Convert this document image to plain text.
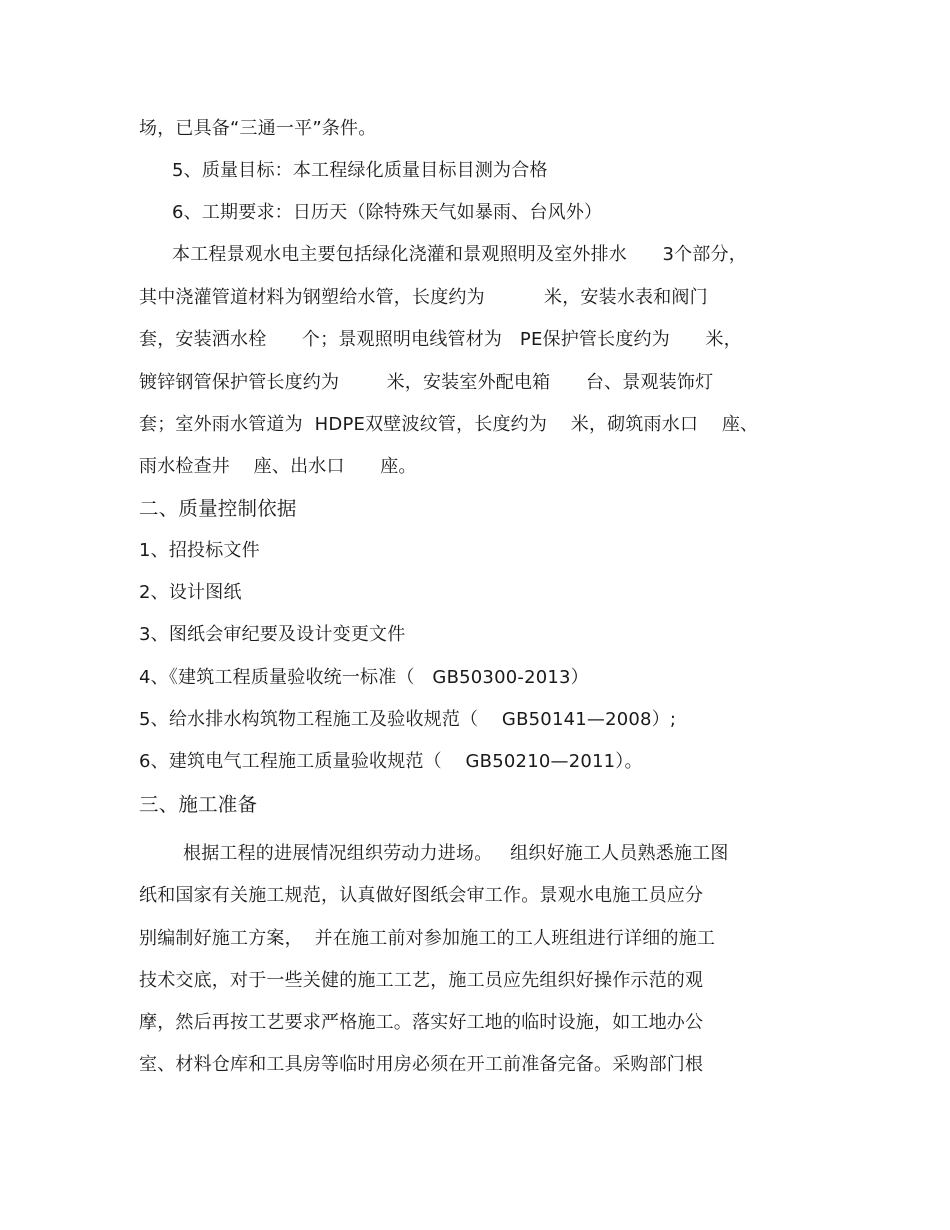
场，已具备“三通一平”条件。
5、质量目标：本工程绿化质量目标目测为合格
6、工期要求：日历天（除特殊天气如暴雨、台风外）
本工程景观水电主要包括绿化浇灌和景观照明及室外排水      3个部分，
其中浇灌管道材料为钢塑给水管，长度约为          米，安装水表和阀门
套，安装洒水栓      个；景观照明电线管材为   PE保护管长度约为      米，
镀锌钢管保护管长度约为        米，安装室外配电箱      台、景观装饰灯
套；室外雨水管道为  HDPE双壁波纹管，长度约为    米，砌筑雨水口    座、
雨水检查井    座、出水口      座。
二、质量控制依据
1、招投标文件
2、设计图纸
3、图纸会审纪要及设计变更文件
4、《建筑工程质量验收统一标准（   GB50300-2013）
5、给水排水构筑物工程施工及验收规范（    GB50141—2008）;
6、建筑电气工程施工质量验收规范（    GB50210—2011）。
三、施工准备
根据工程的进展情况组织劳动力进场。   组织好施工人员熟悉施工图
纸和国家有关施工规范，认真做好图纸会审工作。景观水电施工员应分
别编制好施工方案，  并在施工前对参加施工的工人班组进行详细的施工
技术交底，对于一些关健的施工工艺，施工员应先组织好操作示范的观
摩，然后再按工艺要求严格施工。落实好工地的临时设施，如工地办公
室、材料仓库和工具房等临时用房必须在开工前准备完备。采购部门根
